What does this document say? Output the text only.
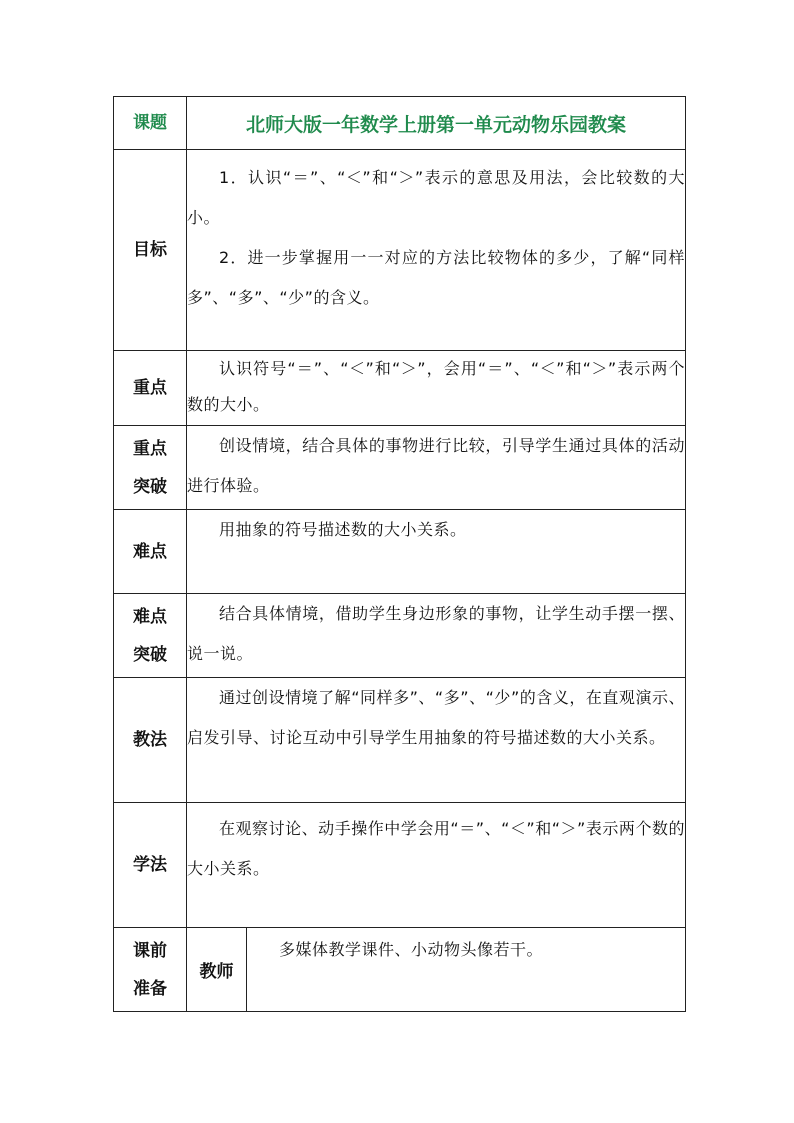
课题	北师大版一年数学上册第一单元动物乐园教案	

目标	1．认识“＝”、“＜”和“＞”表示的意思及用法，会比较数的大小。

2．进一步掌握用一一对应的方法比较物体的多少，了解“同样多”、“多”、“少”的含义。	

重点	认识符号“＝”、“＜”和“＞”，会用“＝”、“＜”和“＞”表示两个数的大小。	

重点
突破	创设情境，结合具体的事物进行比较，引导学生通过具体的活动进行体验。	

难点	用抽象的符号描述数的大小关系。	

难点
突破	结合具体情境，借助学生身边形象的事物，让学生动手摆一摆、说一说。	

教法	通过创设情境了解“同样多”、“多”、“少”的含义，在直观演示、启发引导、讨论互动中引导学生用抽象的符号描述数的大小关系。	

学法	在观察讨论、动手操作中学会用“＝”、“＜”和“＞”表示两个数的大小关系。	

课前
准备	教师	多媒体教学课件、小动物头像若干。
